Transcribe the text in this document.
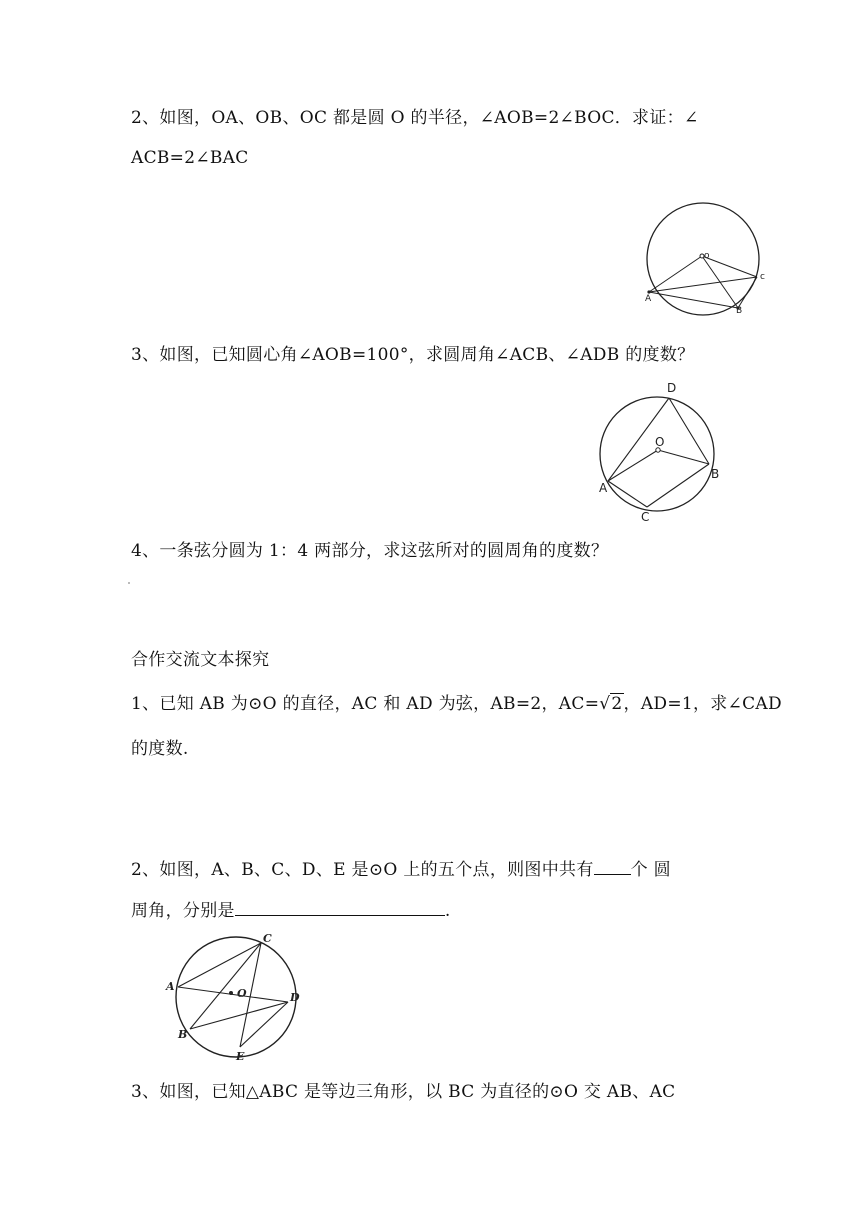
2、如图，OA、OB、OC 都是圆 O 的半径，∠AOB=2∠BOC．求证：∠
ACB=2∠BAC
o
A
B
c
3、如图，已知圆心角∠AOB=100°，求圆周角∠ACB、∠ADB 的度数？
D
O
A
B
C
4、一条弦分圆为 1：4 两部分，求这弦所对的圆周角的度数？
合作交流文本探究
1、已知 AB 为⊙O 的直径，AC 和 AD 为弦，AB=2，AC=√2，AD=1，求∠CAD
的度数.
2、如图，A、B、C、D、E 是⊙O 上的五个点，则图中共有 个 圆
周角，分别是	.
O
C
A
D
B
E
3、如图，已知△ABC 是等边三角形，以 BC 为直径的⊙O 交 AB、AC
